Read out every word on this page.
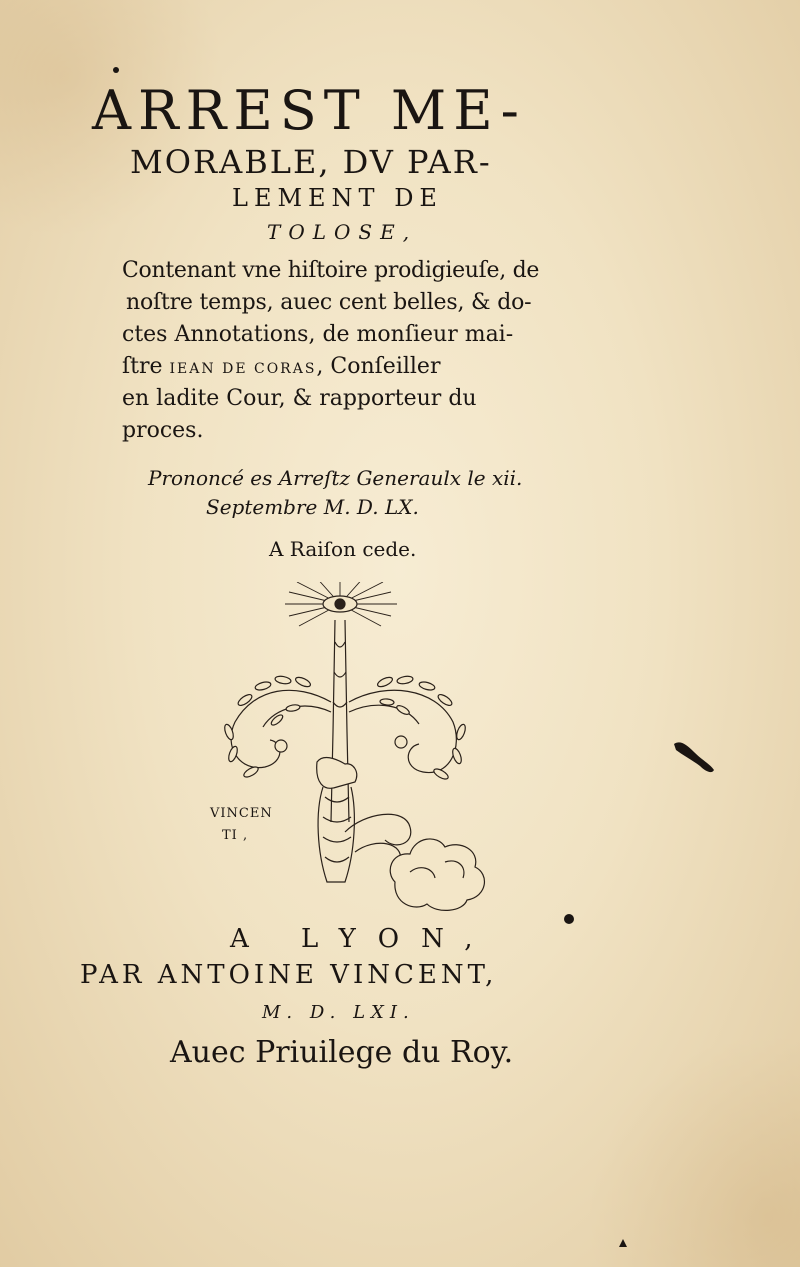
ARREST ME-
MORABLE, DV PAR-
LEMENT DE
TOLOSE,
Contenant vne hiſtoire prodigieuſe, de
noſtre temps, auec cent belles, & do-
ctes Annotations, de monſieur mai-
ſtre IEAN DE CORAS, Conſeiller
en ladite Cour, & rapporteur du
proces.
Prononcé es Arreſtz Generaulx le xii.
Septembre M. D. LX.
A Raiſon cede.
VINCEN
TI ,
A LYON,
PAR ANTOINE VINCENT,
M. D. LXI.
Auec Priuilege du Roy.
